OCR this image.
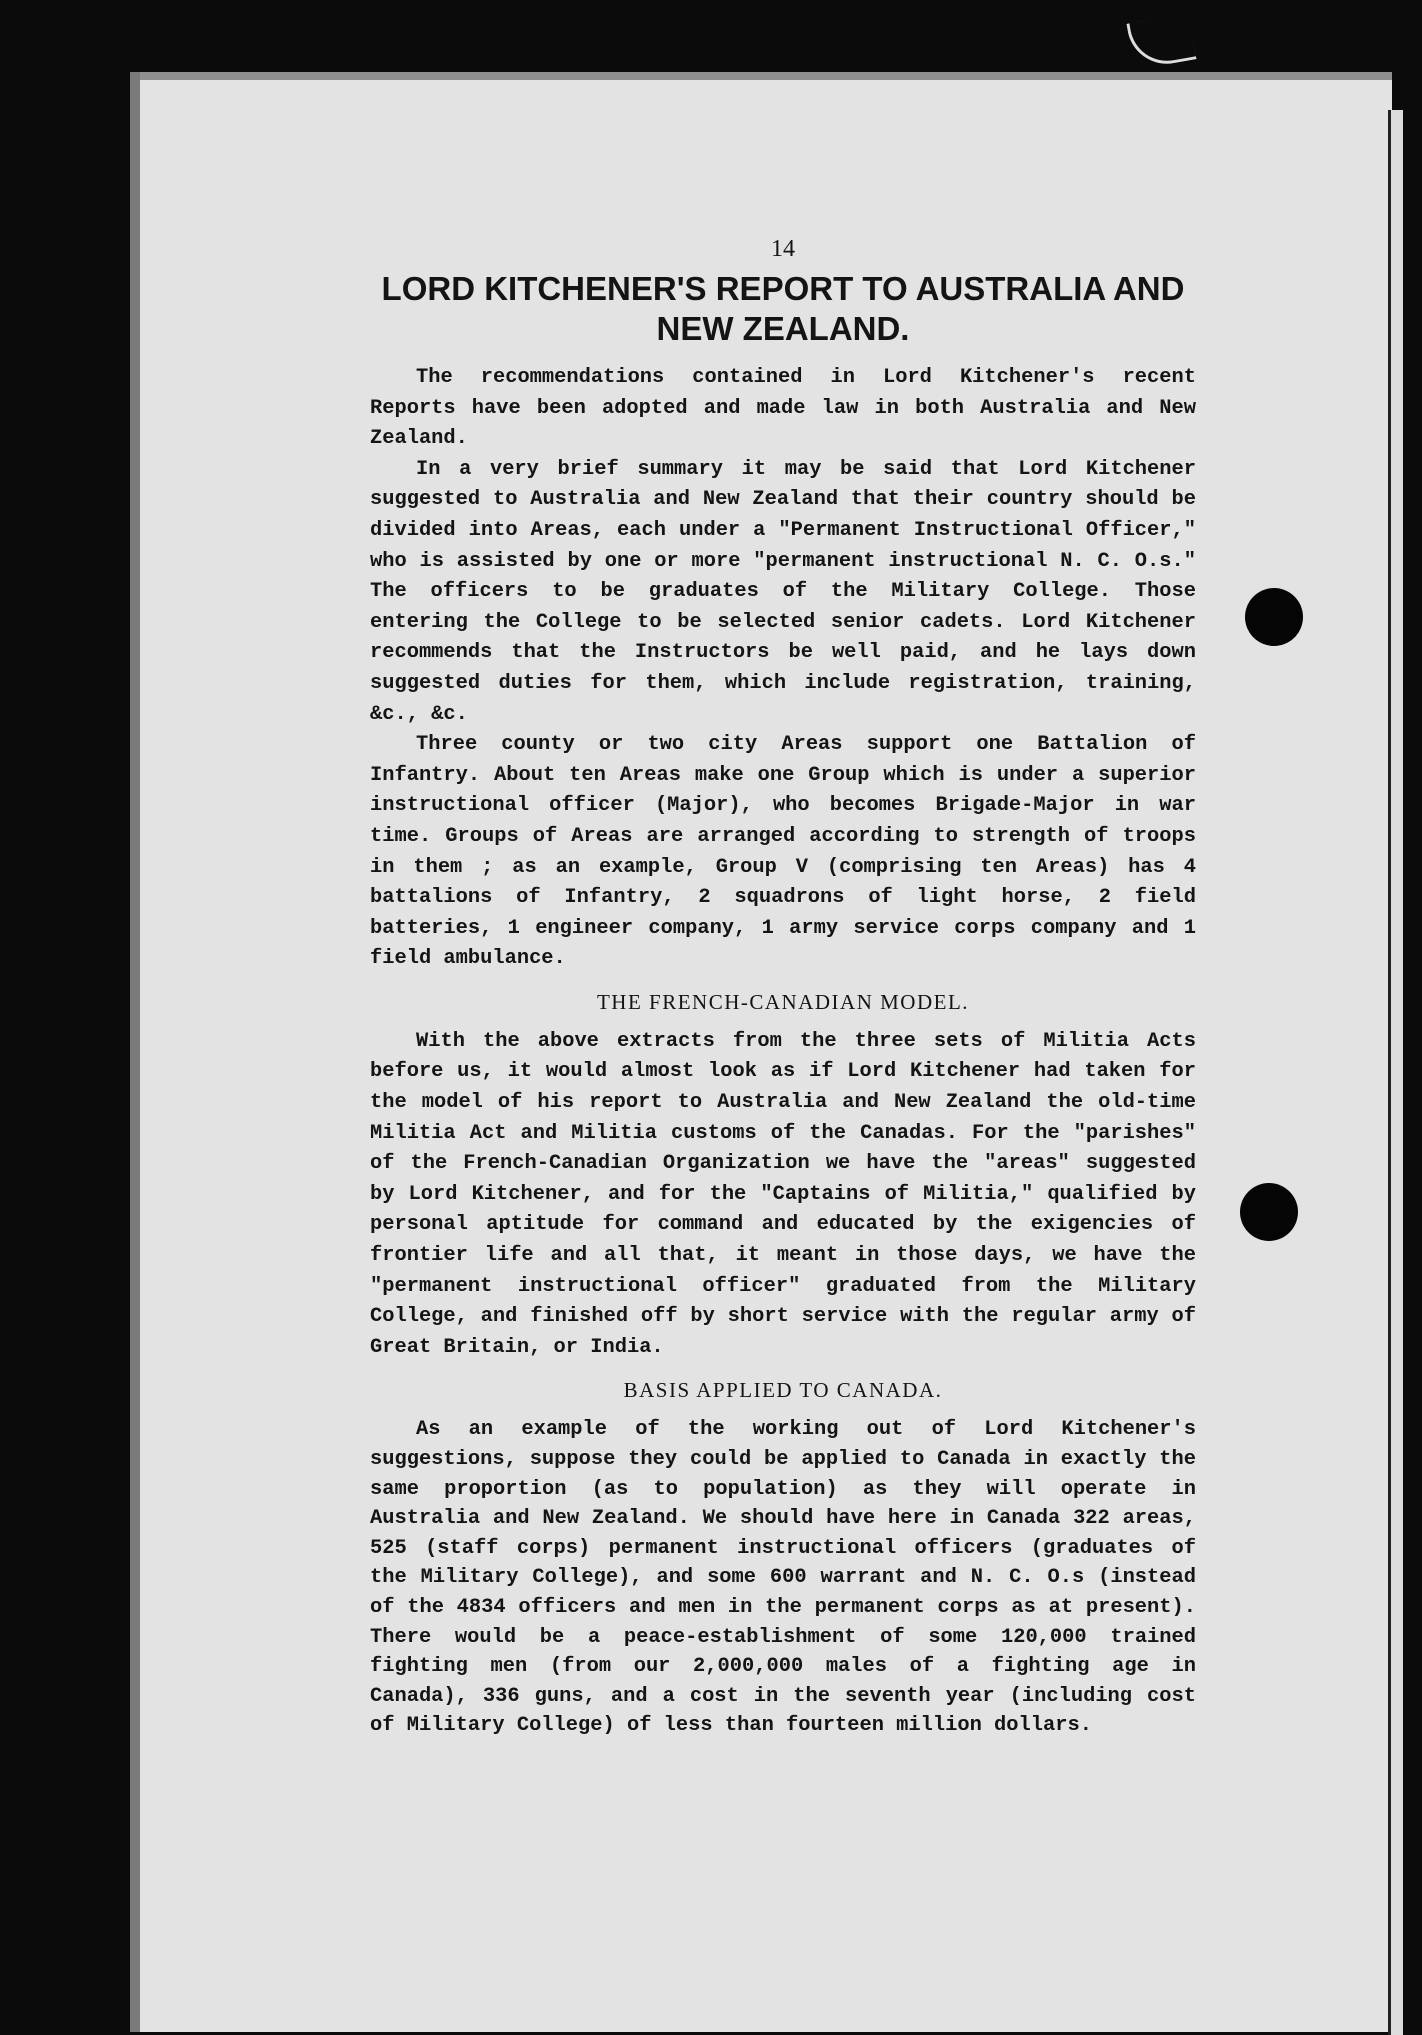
14
LORD KITCHENER'S REPORT TO AUSTRALIA AND NEW ZEALAND.

The recommendations contained in Lord Kitchener's recent Reports have been adopted and made law in both Australia and New Zealand.

In a very brief summary it may be said that Lord Kitchener suggested to Australia and New Zealand that their country should be divided into Areas, each under a "Permanent Instructional Officer," who is assisted by one or more "permanent instructional N. C. O.s." The officers to be graduates of the Military College. Those entering the College to be selected senior cadets. Lord Kitchener recommends that the Instructors be well paid, and he lays down suggested duties for them, which include registration, training, &c., &c.

Three county or two city Areas support one Battalion of Infantry. About ten Areas make one Group which is under a superior instructional officer (Major), who becomes Brigade-Major in war time. Groups of Areas are arranged according to strength of troops in them ; as an example, Group V (comprising ten Areas) has 4 battalions of Infantry, 2 squadrons of light horse, 2 field batteries, 1 engineer company, 1 army service corps company and 1 field ambulance.

THE FRENCH-CANADIAN MODEL.

With the above extracts from the three sets of Militia Acts before us, it would almost look as if Lord Kitchener had taken for the model of his report to Australia and New Zealand the old-time Militia Act and Militia customs of the Canadas. For the "parishes" of the French-Canadian Organization we have the "areas" suggested by Lord Kitchener, and for the "Captains of Militia," qualified by personal aptitude for command and educated by the exigencies of frontier life and all that, it meant in those days, we have the "permanent instructional officer" graduated from the Military College, and finished off by short service with the regular army of Great Britain, or India.

BASIS APPLIED TO CANADA.

As an example of the working out of Lord Kitchener's suggestions, suppose they could be applied to Canada in exactly the same proportion (as to population) as they will operate in Australia and New Zealand. We should have here in Canada 322 areas, 525 (staff corps) permanent instructional officers (graduates of the Military College), and some 600 warrant and N. C. O.s (instead of the 4834 officers and men in the permanent corps as at present). There would be a peace-establishment of some 120,000 trained fighting men (from our 2,000,000 males of a fighting age in Canada), 336 guns, and a cost in the seventh year (including cost of Military College) of less than fourteen million dollars.
